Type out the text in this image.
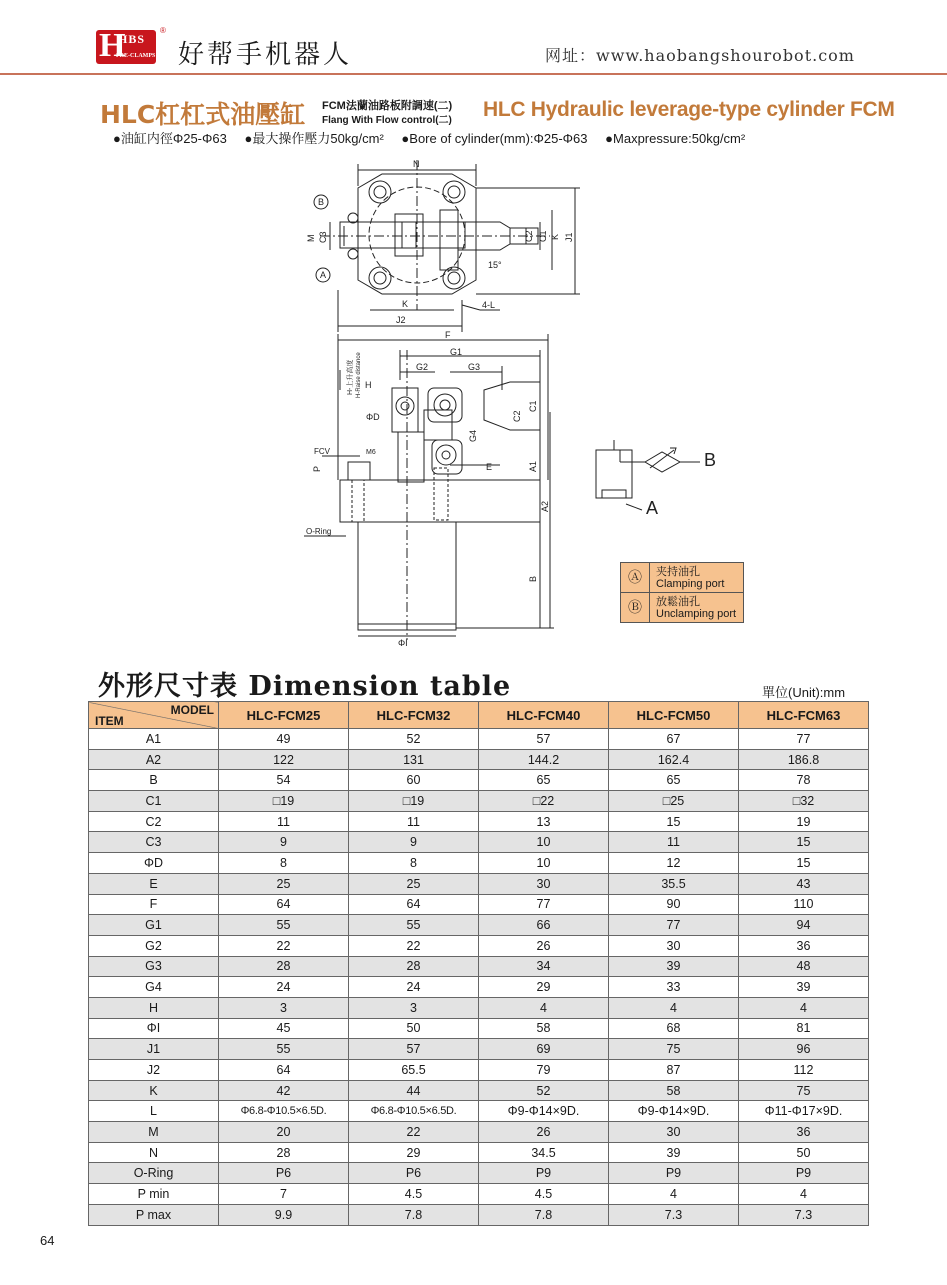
H
HBS
PRE-CLAMPS
®
好帮手机器人	网址：www.haobangshourobot.com
HLC杠杠式油壓缸 FCM法蘭油路板附調速(二)
Flang With Flow control(二) HLC Hydraulic leverage-type cylinder FCM
●油缸内徑Φ25-Φ63 ●最大操作壓力50kg/cm² ●Bore of cylinder(mm):Φ25-Φ63 ●Maxpressure:50kg/cm²
N
B
A
M C3	C2 C1 K J1
15°
K
J2
4-L
F
G1
G2	G3
H-上升高度 H-Raise distance H
ΦD
G4
C2
C1
E
FCV	M6
P
O-Ring
A1
A2
B
ΦI
A
B
Ⓐ	夹持油孔
Clamping port
Ⓑ	放鬆油孔
Unclamping port
外形尺寸表 Dimension table	單位(Unit):mm
MODEL
ITEM	HLC-FCM25	HLC-FCM32	HLC-FCM40	HLC-FCM50	HLC-FCM63
A1	49	52	57	67	77
A2	122	131	144.2	162.4	186.8
B	54	60	65	65	78
C1	□19	□19	□22	□25	□32
C2	11	11	13	15	19
C3	9	9	10	11	15
ΦD	8	8	10	12	15
E	25	25	30	35.5	43
F	64	64	77	90	110
G1	55	55	66	77	94
G2	22	22	26	30	36
G3	28	28	34	39	48
G4	24	24	29	33	39
H	3	3	4	4	4
ΦI	45	50	58	68	81
J1	55	57	69	75	96
J2	64	65.5	79	87	112
K	42	44	52	58	75
L	Φ6.8-Φ10.5×6.5D.	Φ6.8-Φ10.5×6.5D.	Φ9-Φ14×9D.	Φ9-Φ14×9D.	Φ11-Φ17×9D.
M	20	22	26	30	36
N	28	29	34.5	39	50
O-Ring	P6	P6	P9	P9	P9
P min	7	4.5	4.5	4	4
P max	9.9	7.8	7.8	7.3	7.3
64
